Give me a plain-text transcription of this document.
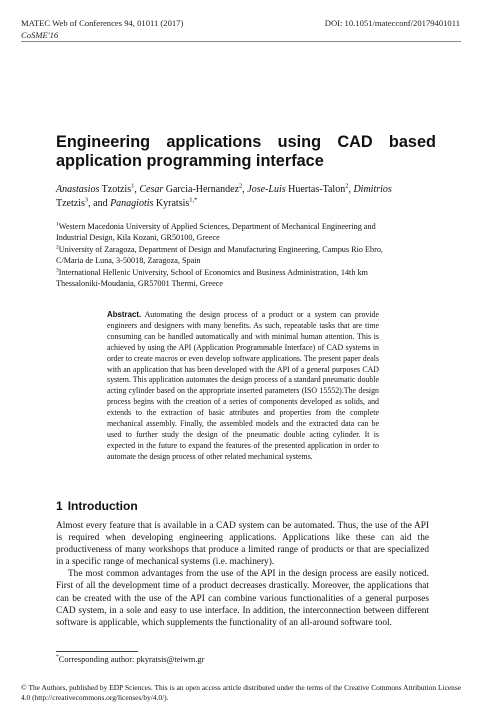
MATEC Web of Conferences 94, 01011 (2017)
CoSME'16
DOI: 10.1051/matecconf/20179401011
Engineering applications using CAD based
application programming interface
Anastasios Tzotzis$^1$, Cesar Garcia-Hernandez$^2$, Jose-Luis Huertas-Talon$^2$, Dimitrios
Tzetzis$^3$, and Panagiotis Kyratsis$^{1,*}$
$^1$Western Macedonia University of Applied Sciences, Department of Mechanical Engineering and
Industrial Design, Kila Kozani, GR50100, Greece
$^2$University of Zaragoza, Department of Design and Manufacturing Engineering, Campus Rio Ebro,
C/Maria de Luna, 3-50018, Zaragoza, Spain
$^3$International Hellenic University, School of Economics and Business Administration, 14th km
Thessaloniki-Moudania, GR57001 Thermi, Greece
Abstract. Automating the design process of a product or a system can provide engineers and designers with many benefits. As such, repeatable tasks that are time consuming can be handled automatically and with minimal human attention. This is achieved by using the API (Application Programmable Interface) of CAD systems in order to create macros or even develop software applications. The present paper deals with an application that has been developed with the API of a general purposes CAD system. This application automates the design process of a standard pneumatic double acting cylinder based on the appropriate inserted parameters (ISO 15552).The design process begins with the creation of a series of components developed as solids, and extends to the extraction of basic attributes and properties from the complete mechanical assembly. Finally, the assembled models and the extracted data can be used to further study the design of the pneumatic double acting cylinder. It is expected in the future to expand the features of the presented application in order to automate the design process of other related mechanical systems.
1 Introduction

Almost every feature that is available in a CAD system can be automated. Thus, the use of the API is required when developing engineering applications. Applications like these can aid the productiveness of many workshops that produce a limited range of products or that are specialized in a specific range of mechanical systems (i.e. machinery).

The most common advantages from the use of the API in the design process are easily noticed. First of all the development time of a product decreases drastically. Moreover, the applications that can be created with the use of the API can combine various functionalities of a general purposes CAD system, in a sole and easy to use interface. In addition, the interconnection between different software is applicable, which supplements the functionality of an all-around software tool.

*Corresponding author: pkyratsis@teiwm.gr
© The Authors, published by EDP Sciences. This is an open access article distributed under the terms of the Creative Commons Attribution License 4.0 (http://creativecommons.org/licenses/by/4.0/).
